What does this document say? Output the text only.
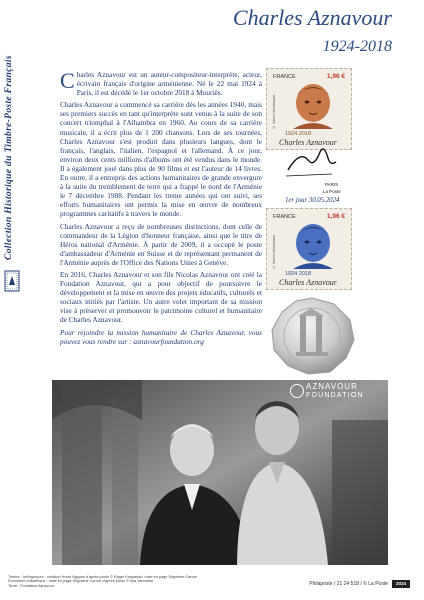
Collection Historique du Timbre-Poste Français
Charles Aznavour
1924-2018

Charles Aznavour est un auteur-compositeur-interprète, acteur, écrivain français d'origine arménienne. Né le 22 mai 1924 à Paris, il est décédé le 1er octobre 2018 à Mouriès.

Charles Aznavour a commencé sa carrière dès les années 1940, mais ses premiers succès en tant qu'interprète sont venus à la suite de son concert triomphal à l'Alhambra en 1960. Au cours de sa carrière musicale, il a écrit plus de 1 200 chansons. Lors de ses tournées, Charles Aznavour s'est produit dans plusieurs langues, dont le français, l'anglais, l'italien, l'espagnol et l'allemand. À ce jour, environ deux cents millions d'albums ont été vendus dans le monde. Il a également joué dans plus de 90 films et est l'auteur de 14 livres. En outre, il a entrepris des actions humanitaires de grande envergure à la suite du tremblement de terre qui a frappé le nord de l'Arménie le 7 décembre 1988. Pendant les trente années qui ont suivi, ses efforts humanitaires ont permis la mise en œuvre de nombreux programmes caritatifs à travers le monde.

Charles Aznavour a reçu de nombreuses distinctions, dont celle de commandeur de la Légion d'honneur française, ainsi que le titre de Héros national d'Arménie. À partir de 2009, il a occupé le poste d'ambassadeur d'Arménie en Suisse et de représentant permanent de l'Arménie auprès de l'Office des Nations Unies à Genève.

En 2016, Charles Aznavour et son fils Nicolas Aznavour ont créé la Fondation Aznavour, qui a pour objectif de poursuivre le développement et la mise en œuvre des projets éducatifs, culturels et sociaux initiés par l'artiste. Un autre volet important de sa mission vise à préserver et promouvoir le patrimoine culturel et humanitaire de Charles Aznavour.

Pour rejoindre la mission humanitaire de Charles Aznavour, vous pouvez vous rendre sur : aznavourfoundation.org

FRANCE	1,96 €
© Zaven Varshavyan
1924 2018
Charles Aznavour
PARIS
La Poste
1er jour 30.05.2024
FRANCE	1,96 €
© Zaven Varshavyan
1924 2018
Charles Aznavour
AZNAVOUR
FOUNDATION
Timbre : héliogravure - création Hrant Nguyen d'après photo © Roger Kasparian, mise en page Ségolène Carron
Document philatélique : mise en page Ségolène Carron d'après photo © Ilya Varoutian
Texte : Fondation Aznavour	Philaposte / 21 24 518 / © La Poste	2024
